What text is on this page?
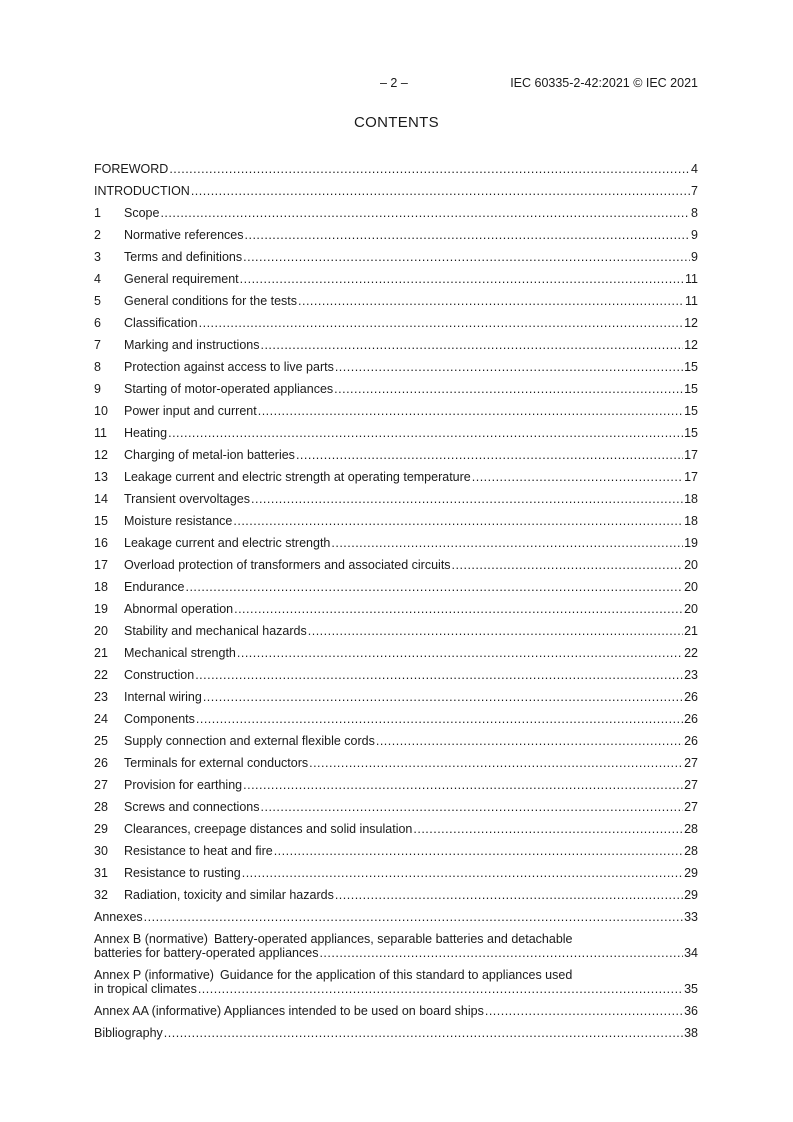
– 2 –	IEC 60335-2-42:2021 © IEC 2021
CONTENTS
FOREWORD .....	4
INTRODUCTION .....	7
1	Scope .....	8
2	Normative references .....	9
3	Terms and definitions .....	9
4	General requirement .....	11
5	General conditions for the tests .....	11
6	Classification .....	12
7	Marking and instructions .....	12
8	Protection against access to live parts .....	15
9	Starting of motor-operated appliances .....	15
10	Power input and current .....	15
11	Heating .....	15
12	Charging of metal-ion batteries .....	17
13	Leakage current and electric strength at operating temperature .....	17
14	Transient overvoltages .....	18
15	Moisture resistance .....	18
16	Leakage current and electric strength .....	19
17	Overload protection of transformers and associated circuits .....	20
18	Endurance .....	20
19	Abnormal operation .....	20
20	Stability and mechanical hazards .....	21
21	Mechanical strength .....	22
22	Construction .....	23
23	Internal wiring .....	26
24	Components .....	26
25	Supply connection and external flexible cords .....	26
26	Terminals for external conductors .....	27
27	Provision for earthing .....	27
28	Screws and connections .....	27
29	Clearances, creepage distances and solid insulation .....	28
30	Resistance to heat and fire .....	28
31	Resistance to rusting .....	29
32	Radiation, toxicity and similar hazards .....	29
Annexes .....	33
Annex B (normative) Battery-operated appliances, separable batteries and detachable
batteries for battery-operated appliances .....	34
Annex P (informative) Guidance for the application of this standard to appliances used
in tropical climates .....	35
Annex AA (informative) Appliances intended to be used on board ships .....	36
Bibliography .....	38
